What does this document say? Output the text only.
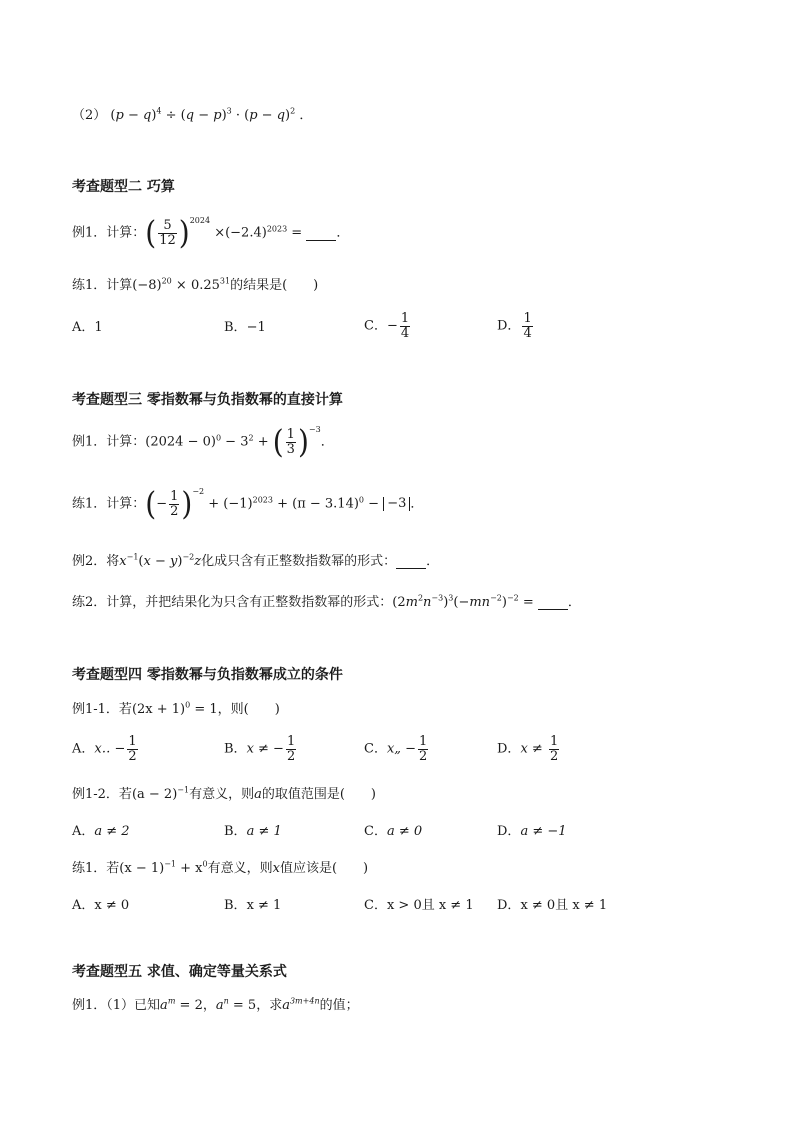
（2） $(p - q)^4 \div (q - p)^3 \cdot (p - q)^2$ ．
考查题型二 巧算
例1．计算：( $\frac{5}{12} )^{2024} \times(-2.4)^{2023}$ =  ．
练1．计算$(-8)^{20} \times 0.25^{31}$的结果是(　　)
A．1	B．−1	C．− $\frac{1}{4}$	D． $\frac{1}{4}$
考查题型三 零指数幂与负指数幂的直接计算
例1．计算：$(2024 - 0)^0 - 3^2$ + ( $\frac{1}{3} )^{-3}$．
练1．计算：(− $\frac{1}{2} )^{-2} + (-1)^{2023} + (\pi - 3.14)^0 - -3$ ．
例2．将$x^{-1}(x - y)^{-2}z$化成只含有正整数指数幂的形式： ．
练2．计算，并把结果化为只含有正整数指数幂的形式：$(2m^2n^{-3})^3(-mn^{-2})^{-2}$ =  ．
考查题型四 零指数幂与负指数幂成立的条件
例1-1．若$(2x + 1)^0 = 1$，则(　　)
A．x‥ − $\frac{1}{2}$	B．x ≠ − $\frac{1}{2}$	C．x„ − $\frac{1}{2}$	D．$x \ne \frac{1}{2}$
例1-2．若$(a - 2)^{-1}$有意义，则a的取值范围是(　　)
A．a ≠ 2	B．a ≠ 1	C．a ≠ 0	D．a ≠ −1
练1．若$(x - 1)^{-1} + x^0$有意义，则x值应该是(　　)
A．x ≠ 0	B．x ≠ 1	C．x > 0且 x ≠ 1 D．x ≠ 0且 x ≠ 1
考查题型五 求值、确定等量关系式
例1．（1）已知$a^m = 2$，$a^n = 5$，求$a^{3m+4n}$的值；
